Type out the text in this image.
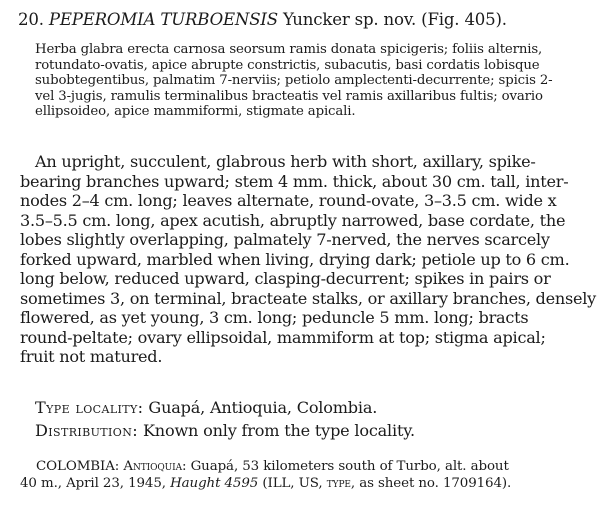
20. PEPEROMIA TURBOENSIS Yuncker sp. nov. (Fig. 405).
Herba glabra erecta carnosa seorsum ramis donata spicigeris; foliis alternis,
rotundato-ovatis, apice abrupte constrictis, subacutis, basi cordatis lobisque
subobtegentibus, palmatim 7-nerviis; petiolo amplectenti-decurrente; spicis 2-
vel 3-jugis, ramulis terminalibus bracteatis vel ramis axillaribus fultis; ovario
ellipsoideo, apice mammiformi, stigmate apicali.
An upright, succulent, glabrous herb with short, axillary, spike-
bearing branches upward; stem 4 mm. thick, about 30 cm. tall, inter-
nodes 2–4 cm. long; leaves alternate, round-ovate, 3–3.5 cm. wide x
3.5–5.5 cm. long, apex acutish, abruptly narrowed, base cordate, the
lobes slightly overlapping, palmately 7-nerved, the nerves scarcely
forked upward, marbled when living, drying dark; petiole up to 6 cm.
long below, reduced upward, clasping-decurrent; spikes in pairs or
sometimes 3, on terminal, bracteate stalks, or axillary branches, densely
flowered, as yet young, 3 cm. long; peduncle 5 mm. long; bracts
round-peltate; ovary ellipsoidal, mammiform at top; stigma apical;
fruit not matured.
Type locality: Guapá, Antioquia, Colombia.
Distribution: Known only from the type locality.
COLOMBIA: Antioquia: Guapá, 53 kilometers south of Turbo, alt. about
40 m., April 23, 1945, Haught 4595 (ILL, US, type, as sheet no. 1709164).
